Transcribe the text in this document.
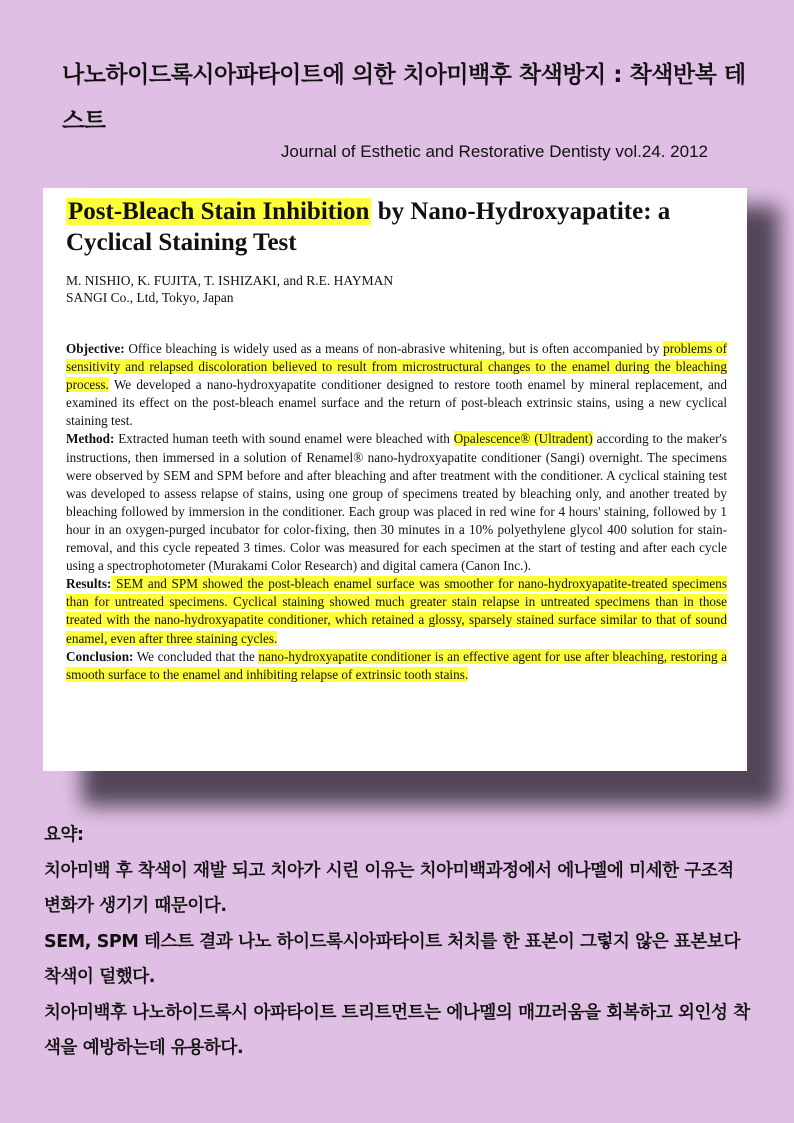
나노하이드록시아파타이트에 의한 치아미백후 착색방지 : 착색반복 테스트
Journal of Esthetic and Restorative Dentisty vol.24. 2012
Post-Bleach Stain Inhibition by Nano-Hydroxyapatite: a Cyclical Staining Test
M. NISHIO, K. FUJITA, T. ISHIZAKI, and R.E. HAYMAN
SANGI Co., Ltd, Tokyo, Japan

Objective: Office bleaching is widely used as a means of non-abrasive whitening, but is often accompanied by problems of sensitivity and relapsed discoloration believed to result from microstructural changes to the enamel during the bleaching process. We developed a nano-hydroxyapatite conditioner designed to restore tooth enamel by mineral replacement, and examined its effect on the post-bleach enamel surface and the return of post-bleach extrinsic stains, using a new cyclical staining test.

Method: Extracted human teeth with sound enamel were bleached with Opalescence® (Ultradent) according to the maker's instructions, then immersed in a solution of Renamel® nano-hydroxyapatite conditioner (Sangi) overnight. The specimens were observed by SEM and SPM before and after bleaching and after treatment with the conditioner. A cyclical staining test was developed to assess relapse of stains, using one group of specimens treated by bleaching only, and another treated by bleaching followed by immersion in the conditioner. Each group was placed in red wine for 4 hours' staining, followed by 1 hour in an oxygen-purged incubator for color-fixing, then 30 minutes in a 10% polyethylene glycol 400 solution for stain-removal, and this cycle repeated 3 times. Color was measured for each specimen at the start of testing and after each cycle using a spectrophotometer (Murakami Color Research) and digital camera (Canon Inc.).

Results: SEM and SPM showed the post-bleach enamel surface was smoother for nano-hydroxyapatite-treated specimens than for untreated specimens. Cyclical staining showed much greater stain relapse in untreated specimens than in those treated with the nano-hydroxyapatite conditioner, which retained a glossy, sparsely stained surface similar to that of sound enamel, even after three staining cycles.

Conclusion: We concluded that the nano-hydroxyapatite conditioner is an effective agent for use after bleaching, restoring a smooth surface to the enamel and inhibiting relapse of extrinsic tooth stains.

요약:

치아미백 후 착색이 재발 되고 치아가 시린 이유는 치아미백과정에서 에나멜에 미세한 구조적 변화가 생기기 때문이다.

SEM, SPM 테스트 결과 나노 하이드록시아파타이트 처치를 한 표본이 그렇지 않은 표본보다 착색이 덜했다.

치아미백후 나노하이드록시 아파타이트 트리트먼트는 에나멜의 매끄러움을 회복하고 외인성 착색을 예방하는데 유용하다.
